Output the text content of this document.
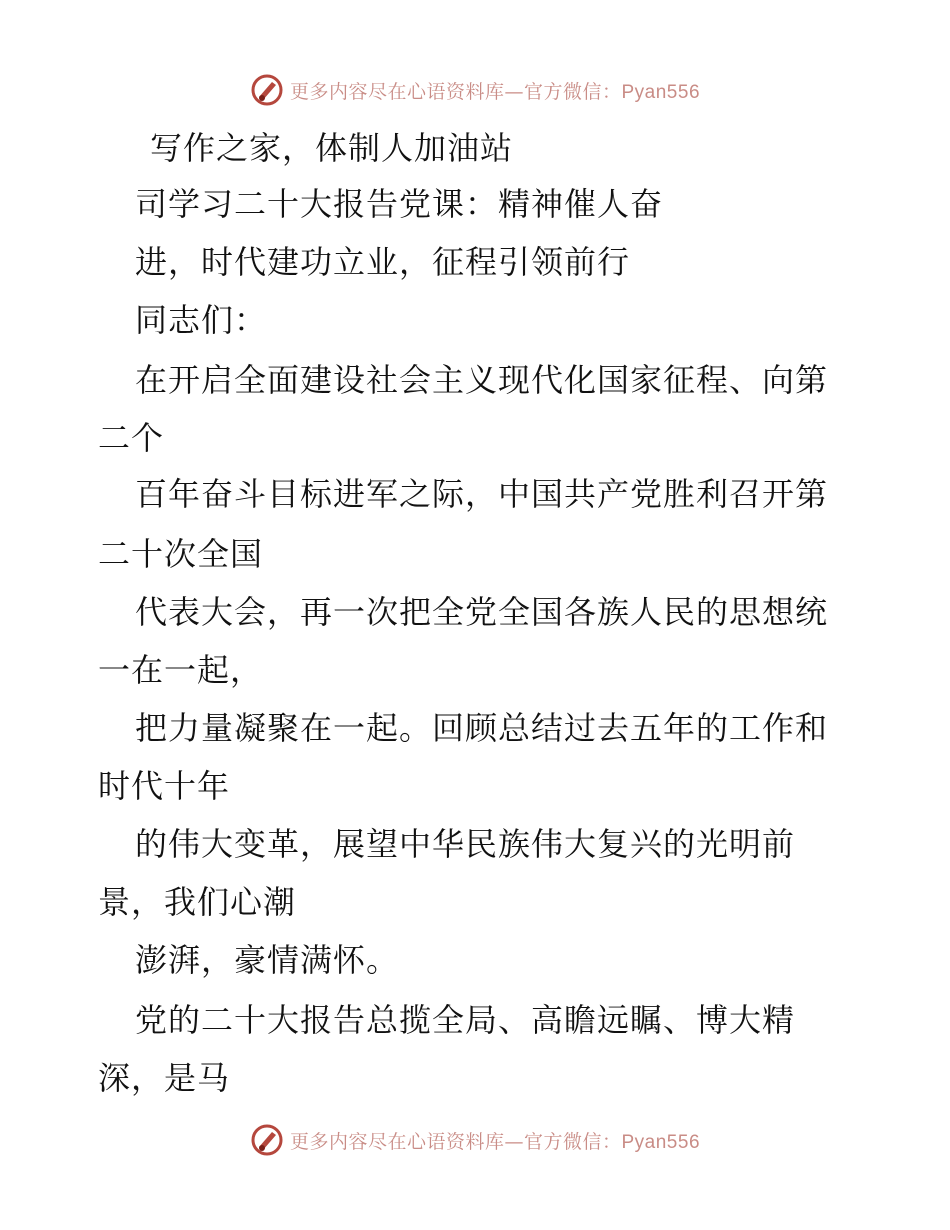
更多内容尽在心语资料库—官方微信：Pyan556
写作之家，体制人加油站
司学习二十大报告党课：精神催人奋
进，时代建功立业，征程引领前行
同志们：
在开启全面建设社会主义现代化国家征程、向第
二个
百年奋斗目标进军之际，中国共产党胜利召开第
二十次全国
代表大会，再一次把全党全国各族人民的思想统
一在一起，
把力量凝聚在一起。回顾总结过去五年的工作和
时代十年
的伟大变革，展望中华民族伟大复兴的光明前
景，我们心潮
澎湃，豪情满怀。
党的二十大报告总揽全局、高瞻远瞩、博大精
深，是马
更多内容尽在心语资料库—官方微信：Pyan556
